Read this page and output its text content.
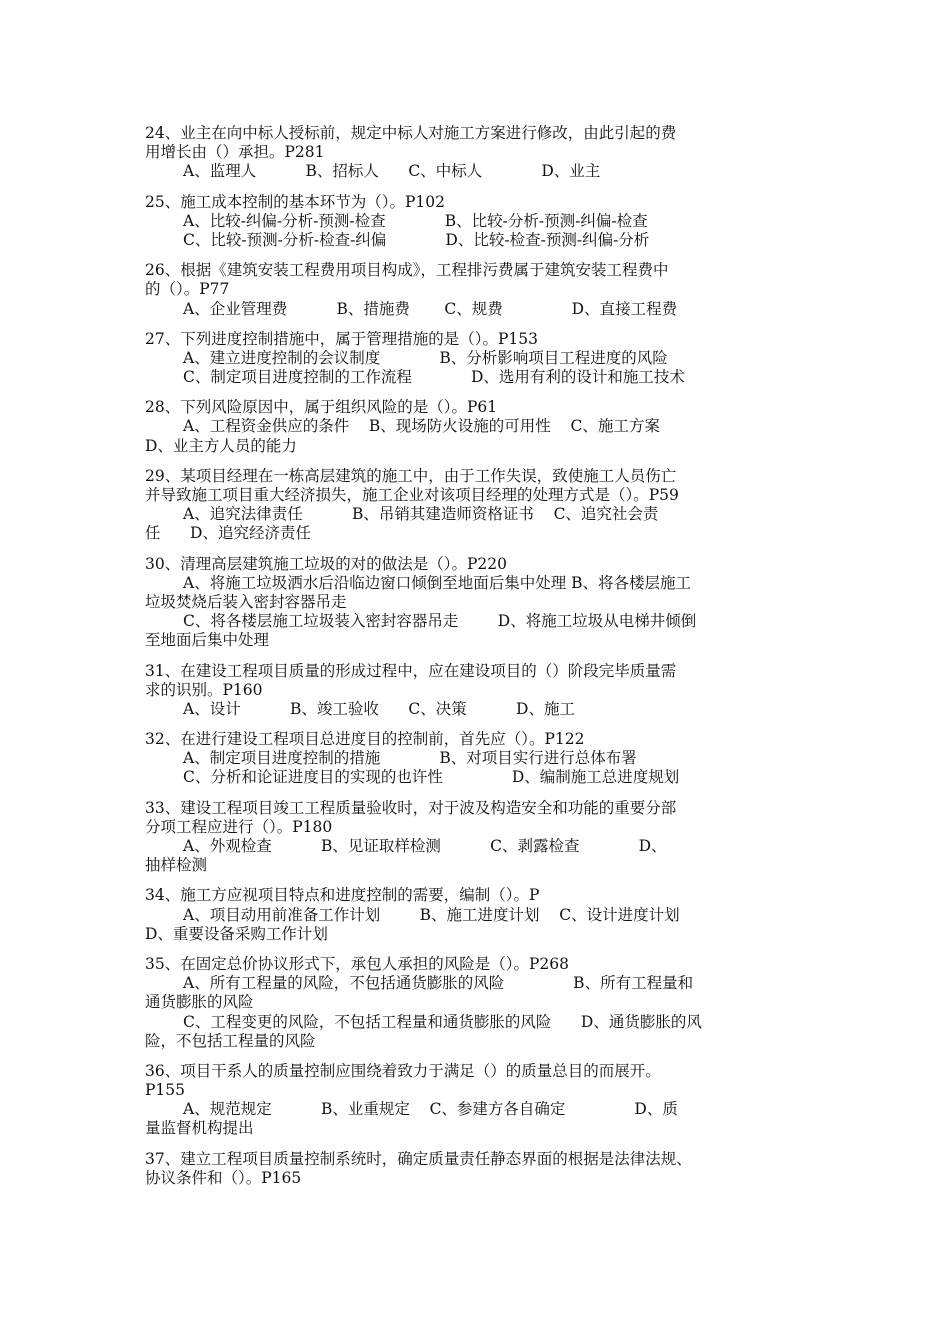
24、业主在向中标人授标前，规定中标人对施工方案进行修改，由此引起的费
用增长由（）承担。P281
A、监理人          B、招标人      C、中标人            D、业主
25、施工成本控制的基本环节为（）。P102
A、比较-纠偏-分析-预测-检查            B、比较-分析-预测-纠偏-检查
C、比较-预测-分析-检查-纠偏            D、比较-检查-预测-纠偏-分析
26、根据《建筑安装工程费用项目构成》，工程排污费属于建筑安装工程费中
的（）。P77
A、企业管理费          B、措施费       C、规费              D、直接工程费
27、下列进度控制措施中，属于管理措施的是（）。P153
A、建立进度控制的会议制度            B、分析影响项目工程进度的风险
C、制定项目进度控制的工作流程            D、选用有利的设计和施工技术
28、下列风险原因中，属于组织风险的是（）。P61
A、工程资金供应的条件    B、现场防火设施的可用性    C、施工方案
D、业主方人员的能力
29、某项目经理在一栋高层建筑的施工中，由于工作失误，致使施工人员伤亡
并导致施工项目重大经济损失，施工企业对该项目经理的处理方式是（）。P59
A、追究法律责任          B、吊销其建造师资格证书    C、追究社会责
任      D、追究经济责任
30、清理高层建筑施工垃圾的对的做法是（）。P220
A、将施工垃圾洒水后沿临边窗口倾倒至地面后集中处理 B、将各楼层施工
垃圾焚烧后装入密封容器吊走
C、将各楼层施工垃圾装入密封容器吊走        D、将施工垃圾从电梯井倾倒
至地面后集中处理
31、在建设工程项目质量的形成过程中，应在建设项目的（）阶段完毕质量需
求的识别。P160
A、设计          B、竣工验收      C、决策          D、施工
32、在进行建设工程项目总进度目的控制前，首先应（）。P122
A、制定项目进度控制的措施            B、对项目实行进行总体布署
C、分析和论证进度目的实现的也许性              D、编制施工总进度规划
33、建设工程项目竣工工程质量验收时，对于波及构造安全和功能的重要分部
分项工程应进行（）。P180
A、外观检查          B、见证取样检测          C、剥露检查            D、
抽样检测
34、施工方应视项目特点和进度控制的需要，编制（）。P
A、项目动用前准备工作计划        B、施工进度计划    C、设计进度计划
D、重要设备采购工作计划
35、在固定总价协议形式下，承包人承担的风险是（）。P268
A、所有工程量的风险，不包括通货膨胀的风险              B、所有工程量和
通货膨胀的风险
C、工程变更的风险，不包括工程量和通货膨胀的风险      D、通货膨胀的风
险，不包括工程量的风险
36、项目干系人的质量控制应围绕着致力于满足（）的质量总目的而展开。
P155
A、规范规定          B、业重规定    C、参建方各自确定              D、质
量监督机构提出
37、建立工程项目质量控制系统时，确定质量责任静态界面的根据是法律法规、
协议条件和（）。P165
